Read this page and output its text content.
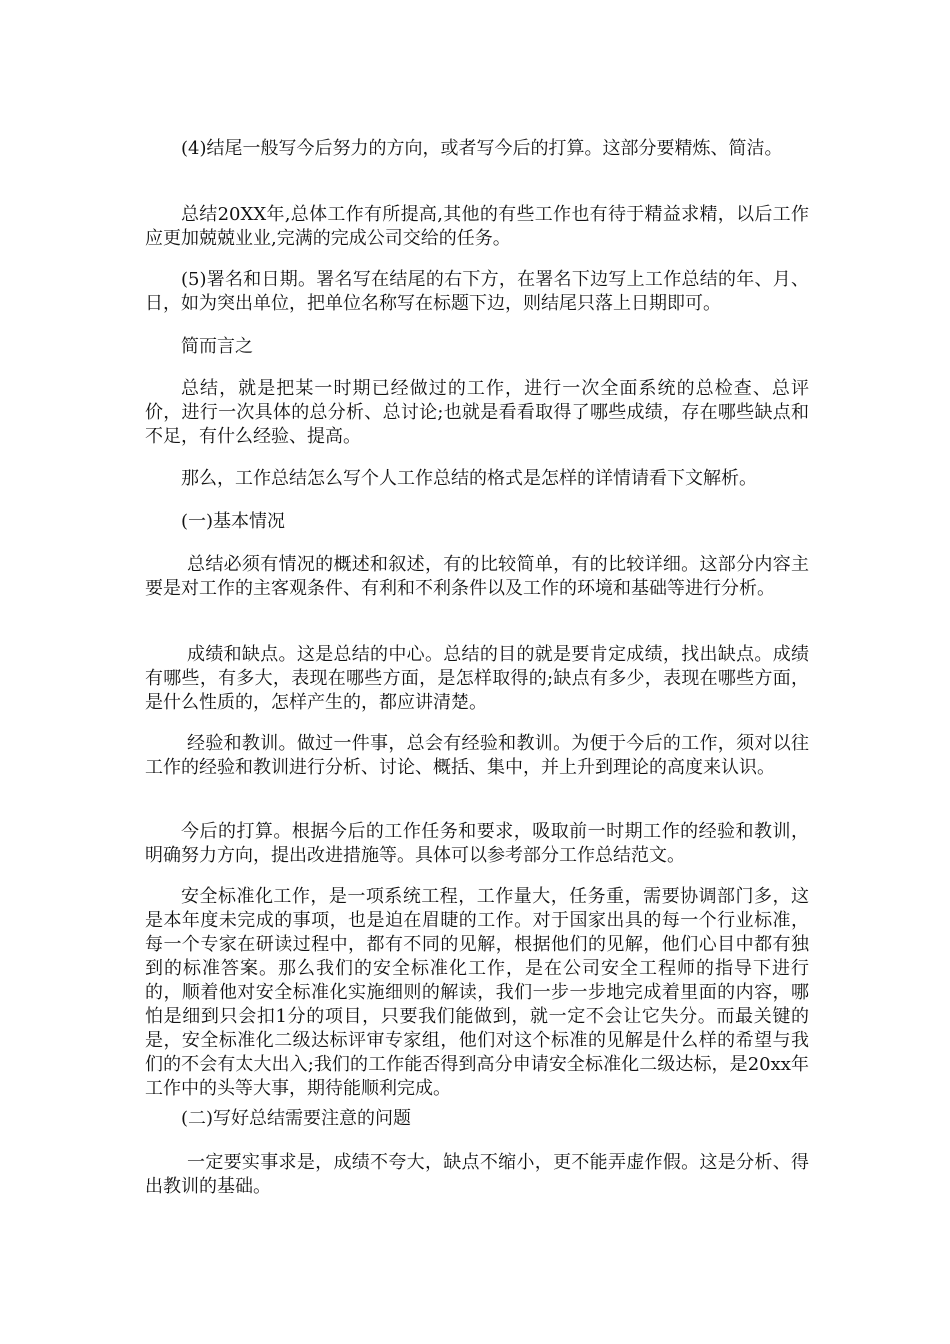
(4)结尾一般写今后努力的方向，或者写今后的打算。这部分要精炼、简洁。

总结20XX年,总体工作有所提高,其他的有些工作也有待于精益求精，以后工作应更加兢兢业业,完满的完成公司交给的任务。

(5)署名和日期。署名写在结尾的右下方，在署名下边写上工作总结的年、月、日，如为突出单位，把单位名称写在标题下边，则结尾只落上日期即可。

简而言之

总结，就是把某一时期已经做过的工作，进行一次全面系统的总检查、总评价，进行一次具体的总分析、总讨论;也就是看看取得了哪些成绩，存在哪些缺点和不足，有什么经验、提高。

那么，工作总结怎么写个人工作总结的格式是怎样的详情请看下文解析。

(一)基本情况

总结必须有情况的概述和叙述，有的比较简单，有的比较详细。这部分内容主要是对工作的主客观条件、有利和不利条件以及工作的环境和基础等进行分析。

成绩和缺点。这是总结的中心。总结的目的就是要肯定成绩，找出缺点。成绩有哪些，有多大，表现在哪些方面，是怎样取得的;缺点有多少，表现在哪些方面，是什么性质的，怎样产生的，都应讲清楚。

经验和教训。做过一件事，总会有经验和教训。为便于今后的工作，须对以往工作的经验和教训进行分析、讨论、概括、集中，并上升到理论的高度来认识。

今后的打算。根据今后的工作任务和要求，吸取前一时期工作的经验和教训，明确努力方向，提出改进措施等。具体可以参考部分工作总结范文。

安全标准化工作，是一项系统工程，工作量大，任务重，需要协调部门多，这是本年度未完成的事项，也是迫在眉睫的工作。对于国家出具的每一个行业标准，每一个专家在研读过程中，都有不同的见解，根据他们的见解，他们心目中都有独到的标准答案。那么我们的安全标准化工作，是在公司安全工程师的指导下进行的，顺着他对安全标准化实施细则的解读，我们一步一步地完成着里面的内容，哪怕是细到只会扣1分的项目，只要我们能做到，就一定不会让它失分。而最关键的是，安全标准化二级达标评审专家组，他们对这个标准的见解是什么样的希望与我们的不会有太大出入;我们的工作能否得到高分申请安全标准化二级达标，是20xx年工作中的头等大事，期待能顺利完成。

(二)写好总结需要注意的问题

一定要实事求是，成绩不夸大，缺点不缩小，更不能弄虚作假。这是分析、得出教训的基础。
